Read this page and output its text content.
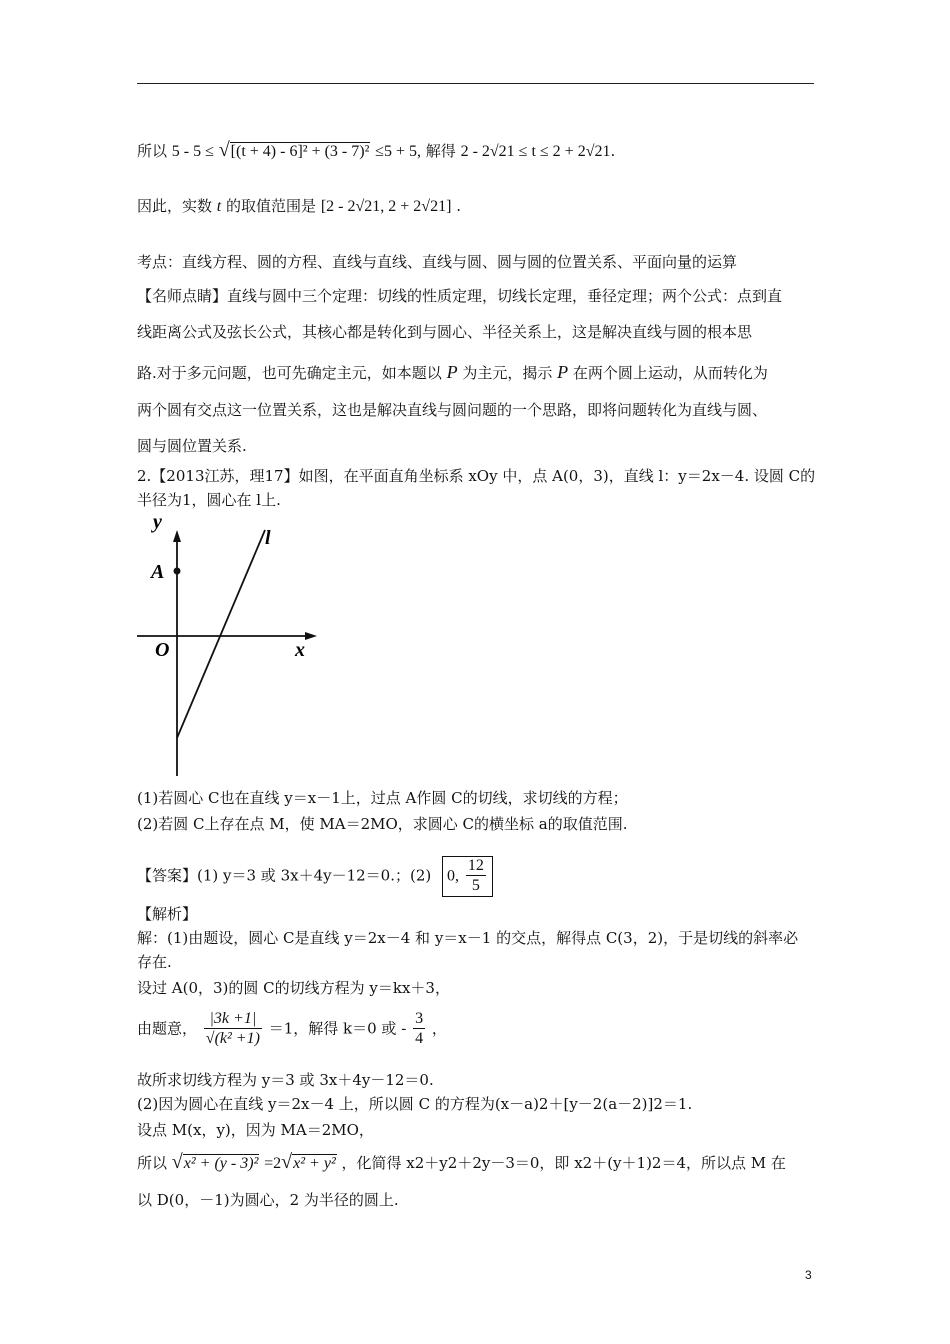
所以 5 - 5 ≤ √[(t + 4) - 6]² + (3 - 7)² ≤5 + 5, 解得 2 - 2√21 ≤ t ≤ 2 + 2√21.
因此，实数 t 的取值范围是 [2 - 2√21, 2 + 2√21] .
考点：直线方程、圆的方程、直线与直线、直线与圆、圆与圆的位置关系、平面向量的运算
【名师点睛】直线与圆中三个定理：切线的性质定理，切线长定理，垂径定理；两个公式：点到直
线距离公式及弦长公式，其核心都是转化到与圆心、半径关系上，这是解决直线与圆的根本思
路.对于多元问题，也可先确定主元，如本题以 P 为主元，揭示 P 在两个圆上运动，从而转化为
两个圆有交点这一位置关系，这也是解决直线与圆问题的一个思路，即将问题转化为直线与圆、
圆与圆位置关系.
2.【2013江苏，理17】如图，在平面直角坐标系 xOy 中，点 A(0，3)，直线 l：y＝2x－4. 设圆 C的
半径为1，圆心在 l上.
y
x
O
A
l
(1)若圆心 C也在直线 y＝x－1上，过点 A作圆 C的切线，求切线的方程；
(2)若圆 C上存在点 M，使 MA＝2MO，求圆心 C的横坐标 a的取值范围.
【答案】(1) y＝3 或 3x＋4y－12＝0.；(2) 0, $\frac{12}{5}$
【解析】
解：(1)由题设，圆心 C是直线 y＝2x－4 和 y＝x－1 的交点，解得点 C(3，2)，于是切线的斜率必
存在.
设过 A(0，3)的圆 C的切线方程为 y＝kx＋3，
由题意， $\frac{|3k +1|}{\text{√(k² +1)}} =1$，解得 k＝0 或 - $\frac{3}{4}$ ，
故所求切线方程为 y＝3 或 3x＋4y－12＝0.
(2)因为圆心在直线 y＝2x－4 上，所以圆 C 的方程为(x－a)2＋[y－2(a－2)]2＝1.
设点 M(x，y)，因为 MA＝2MO，
所以 √x² + (y - 3)² =2√x² + y² ，化简得 x2＋y2＋2y－3＝0，即 x2＋(y＋1)2＝4，所以点 M 在
以 D(0，－1)为圆心，2 为半径的圆上.
3
